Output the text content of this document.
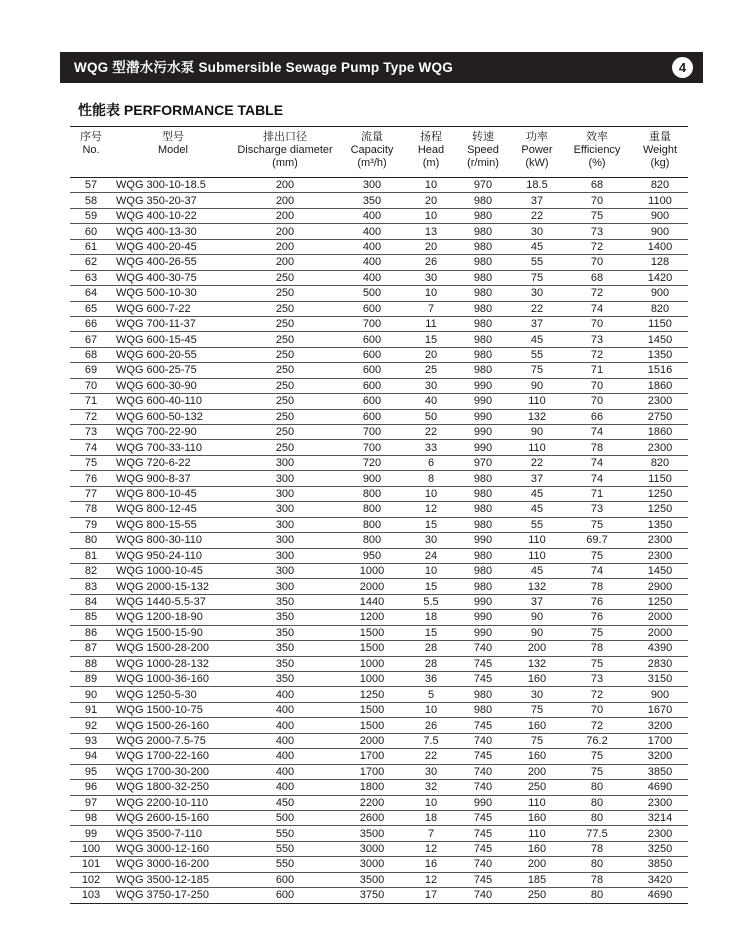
WQG 型潜水污水泵 Submersible Sewage Pump Type WQG	4
性能表 PERFORMANCE TABLE
序号
No.	型号
Model	排出口径
Discharge diameter
(mm)	流量
Capacity
(m³/h)	扬程
Head
(m)	转速
Speed
(r/min)	功率
Power
(kW)	效率
Efficiency
(%)	重量
Weight
(kg)
57	WQG 300-10-18.5	200	300	10	970	18.5	68	820
58	WQG 350-20-37	200	350	20	980	37	70	1100
59	WQG 400-10-22	200	400	10	980	22	75	900
60	WQG 400-13-30	200	400	13	980	30	73	900
61	WQG 400-20-45	200	400	20	980	45	72	1400
62	WQG 400-26-55	200	400	26	980	55	70	128
63	WQG 400-30-75	250	400	30	980	75	68	1420
64	WQG 500-10-30	250	500	10	980	30	72	900
65	WQG 600-7-22	250	600	7	980	22	74	820
66	WQG 700-11-37	250	700	11	980	37	70	1150
67	WQG 600-15-45	250	600	15	980	45	73	1450
68	WQG 600-20-55	250	600	20	980	55	72	1350
69	WQG 600-25-75	250	600	25	980	75	71	1516
70	WQG 600-30-90	250	600	30	990	90	70	1860
71	WQG 600-40-110	250	600	40	990	110	70	2300
72	WQG 600-50-132	250	600	50	990	132	66	2750
73	WQG 700-22-90	250	700	22	990	90	74	1860
74	WQG 700-33-110	250	700	33	990	110	78	2300
75	WQG 720-6-22	300	720	6	970	22	74	820
76	WQG 900-8-37	300	900	8	980	37	74	1150
77	WQG 800-10-45	300	800	10	980	45	71	1250
78	WQG 800-12-45	300	800	12	980	45	73	1250
79	WQG 800-15-55	300	800	15	980	55	75	1350
80	WQG 800-30-110	300	800	30	990	110	69.7	2300
81	WQG 950-24-110	300	950	24	980	110	75	2300
82	WQG 1000-10-45	300	1000	10	980	45	74	1450
83	WQG 2000-15-132	300	2000	15	980	132	78	2900
84	WQG 1440-5.5-37	350	1440	5.5	990	37	76	1250
85	WQG 1200-18-90	350	1200	18	990	90	76	2000
86	WQG 1500-15-90	350	1500	15	990	90	75	2000
87	WQG 1500-28-200	350	1500	28	740	200	78	4390
88	WQG 1000-28-132	350	1000	28	745	132	75	2830
89	WQG 1000-36-160	350	1000	36	745	160	73	3150
90	WQG 1250-5-30	400	1250	5	980	30	72	900
91	WQG 1500-10-75	400	1500	10	980	75	70	1670
92	WQG 1500-26-160	400	1500	26	745	160	72	3200
93	WQG 2000-7.5-75	400	2000	7.5	740	75	76.2	1700
94	WQG 1700-22-160	400	1700	22	745	160	75	3200
95	WQG 1700-30-200	400	1700	30	740	200	75	3850
96	WQG 1800-32-250	400	1800	32	740	250	80	4690
97	WQG 2200-10-110	450	2200	10	990	110	80	2300
98	WQG 2600-15-160	500	2600	18	745	160	80	3214
99	WQG 3500-7-110	550	3500	7	745	110	77.5	2300
100	WQG 3000-12-160	550	3000	12	745	160	78	3250
101	WQG 3000-16-200	550	3000	16	740	200	80	3850
102	WQG 3500-12-185	600	3500	12	745	185	78	3420
103	WQG 3750-17-250	600	3750	17	740	250	80	4690
